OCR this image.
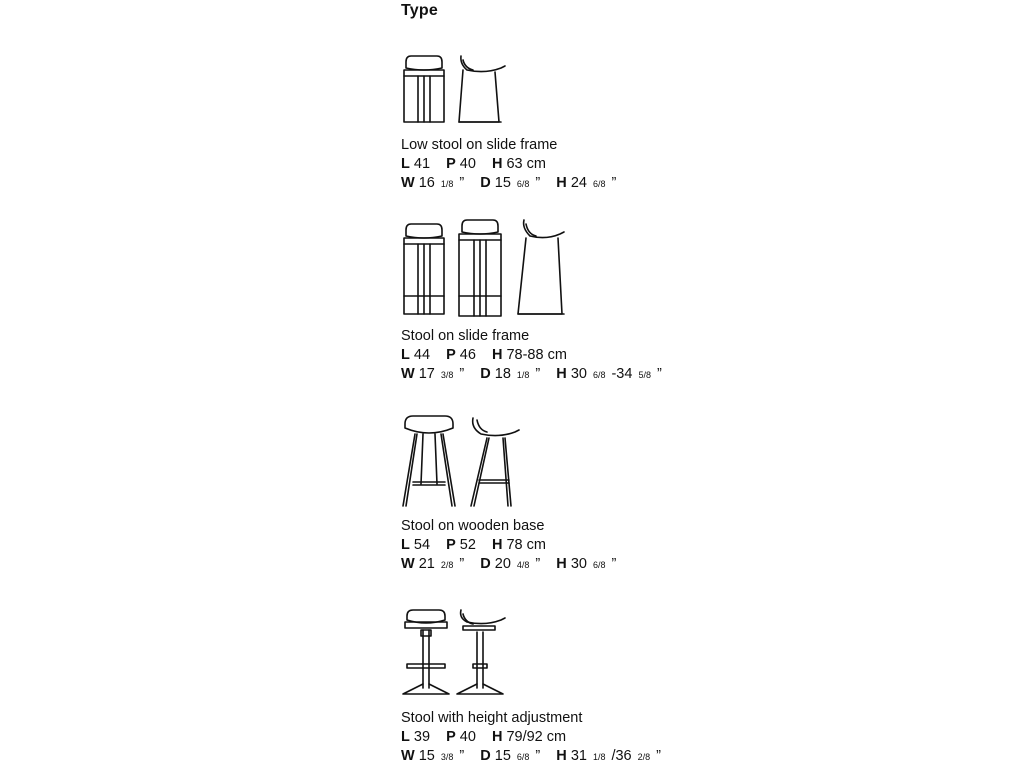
Type

Low stool on slide frame
L 41 P 40 H 63 cm
W 16 1/8 ” D 15 6/8 ” H 24 6/8 ”

Stool on slide frame
L 44 P 46 H 78-88 cm
W 17 3/8 ” D 18 1/8 ” H 30 6/8 -34 5/8 ”

Stool on wooden base
L 54 P 52 H 78 cm
W 21 2/8 ” D 20 4/8 ” H 30 6/8 ”

Stool with height adjustment
L 39 P 40 H 79/92 cm
W 15 3/8 ” D 15 6/8 ” H 31 1/8 /36 2/8 ”
